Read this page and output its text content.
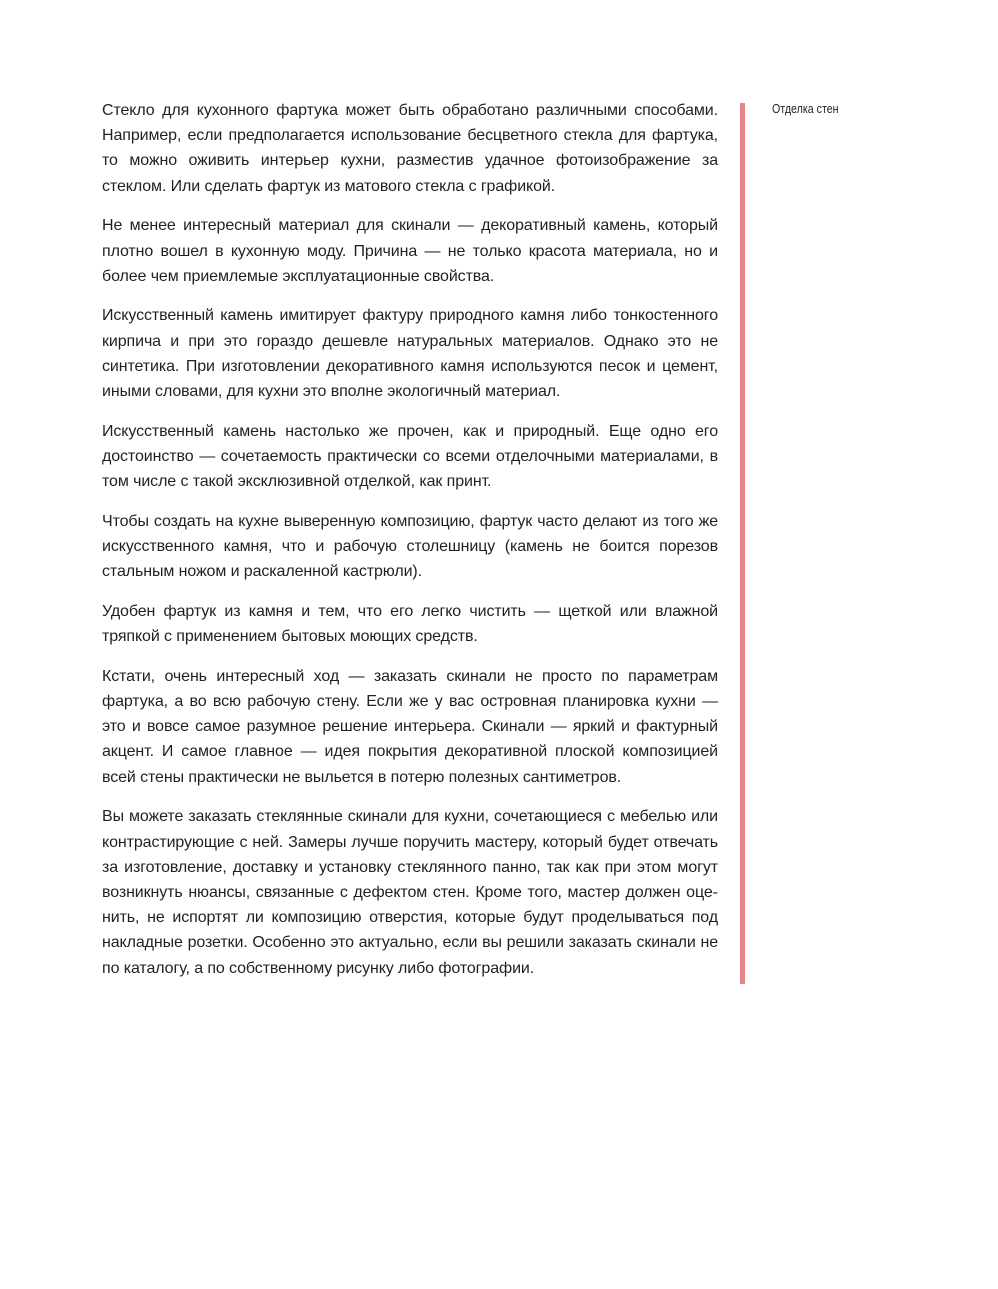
Стекло для кухонного фартука может быть обработано различными способами. Например, если предполагается использование бесцветного стекла для фартука, то можно оживить интерьер кухни, разместив удачное фотоизображение за стеклом. Или сделать фартук из матового стекла с графикой.

Не менее интересный материал для скинали — декоративный камень, который плотно вошел в кухонную моду. Причина — не только красота материала, но и более чем приемлемые эксплуатационные свойства.

Искусственный камень имитирует фактуру природного камня либо тонкостенного кирпича и при это гораздо дешевле натуральных материалов. Однако это не синтетика. При изготовлении декоративного камня используются песок и цемент, иными словами, для кухни это вполне экологичный материал.

Искусственный камень настолько же прочен, как и природный. Еще одно его достоинство — сочетаемость практически со всеми отделочными материалами, в том числе с такой эксклюзивной отделкой, как принт.

Чтобы создать на кухне выверенную композицию, фартук часто делают из того же искусственного камня, что и рабочую столешницу (камень не боится порезов стальным ножом и раскаленной кастрюли).

Удобен фартук из камня и тем, что его легко чистить — щеткой или влажной тряпкой с применением бытовых моющих средств.

Кстати, очень интересный ход — заказать скинали не просто по параметрам фартука, а во всю рабочую стену. Если же у вас островная планировка кухни — это и вовсе самое разумное решение интерьера. Скинали — яркий и фактурный акцент. И самое главное — идея покрытия декоративной плоской композицией всей стены практически не выльется в потерю полезных сантиметров.

Вы можете заказать стеклянные скинали для кухни, сочетающиеся с мебелью или контрастирующие с ней. Замеры лучше поручить мастеру, который будет отвечать за изготовление, доставку и установку стеклянного панно, так как при этом могут возникнуть нюансы, связанные с дефектом стен. Кроме того, мастер должен оценить, не испортят ли композицию отверстия, которые будут проделываться под накладные розетки. Особенно это актуально, если вы решили заказать скинали не по каталогу, а по собственному рисунку либо фотографии.

Отделка стен
